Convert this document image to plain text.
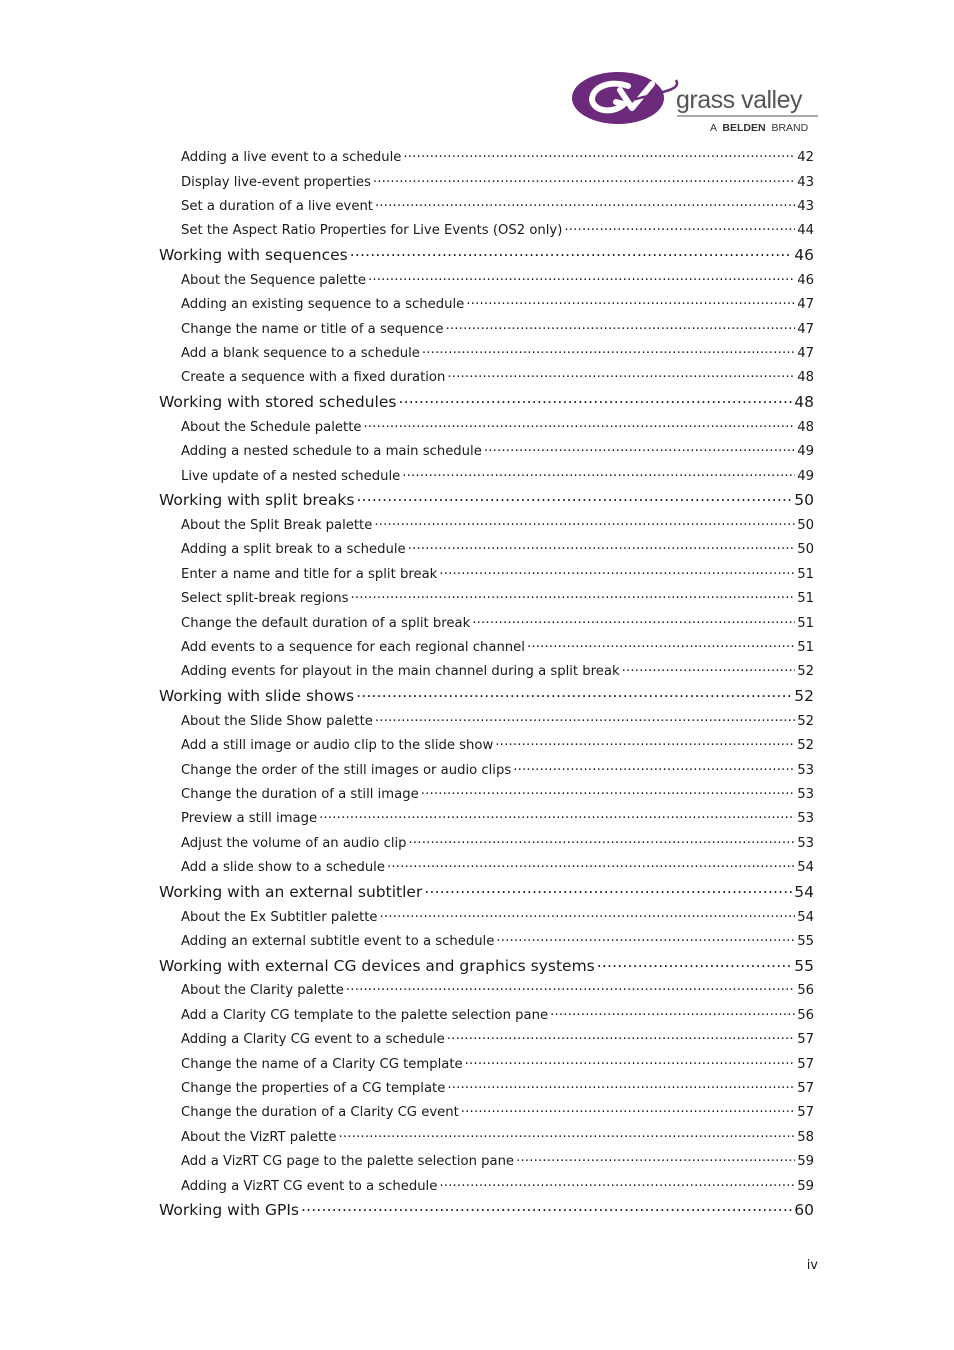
grass valley
A BELDEN BRAND
Adding a live event to a schedule .....	42
Display live-event properties .....	43
Set a duration of a live event .....	43
Set the Aspect Ratio Properties for Live Events (OS2 only) .....	44
Working with sequences .....	46
About the Sequence palette .....	46
Adding an existing sequence to a schedule .....	47
Change the name or title of a sequence .....	47
Add a blank sequence to a schedule .....	47
Create a sequence with a fixed duration .....	48
Working with stored schedules .....	48
About the Schedule palette .....	48
Adding a nested schedule to a main schedule .....	49
Live update of a nested schedule .....	49
Working with split breaks .....	50
About the Split Break palette .....	50
Adding a split break to a schedule .....	50
Enter a name and title for a split break .....	51
Select split-break regions .....	51
Change the default duration of a split break .....	51
Add events to a sequence for each regional channel .....	51
Adding events for playout in the main channel during a split break .....	52
Working with slide shows .....	52
About the Slide Show palette .....	52
Add a still image or audio clip to the slide show .....	52
Change the order of the still images or audio clips .....	53
Change the duration of a still image .....	53
Preview a still image .....	53
Adjust the volume of an audio clip .....	53
Add a slide show to a schedule .....	54
Working with an external subtitler .....	54
About the Ex Subtitler palette .....	54
Adding an external subtitle event to a schedule .....	55
Working with external CG devices and graphics systems .....	55
About the Clarity palette .....	56
Add a Clarity CG template to the palette selection pane .....	56
Adding a Clarity CG event to a schedule .....	57
Change the name of a Clarity CG template .....	57
Change the properties of a CG template .....	57
Change the duration of a Clarity CG event .....	57
About the VizRT palette .....	58
Add a VizRT CG page to the palette selection pane .....	59
Adding a VizRT CG event to a schedule .....	59
Working with GPIs .....	60
iv
